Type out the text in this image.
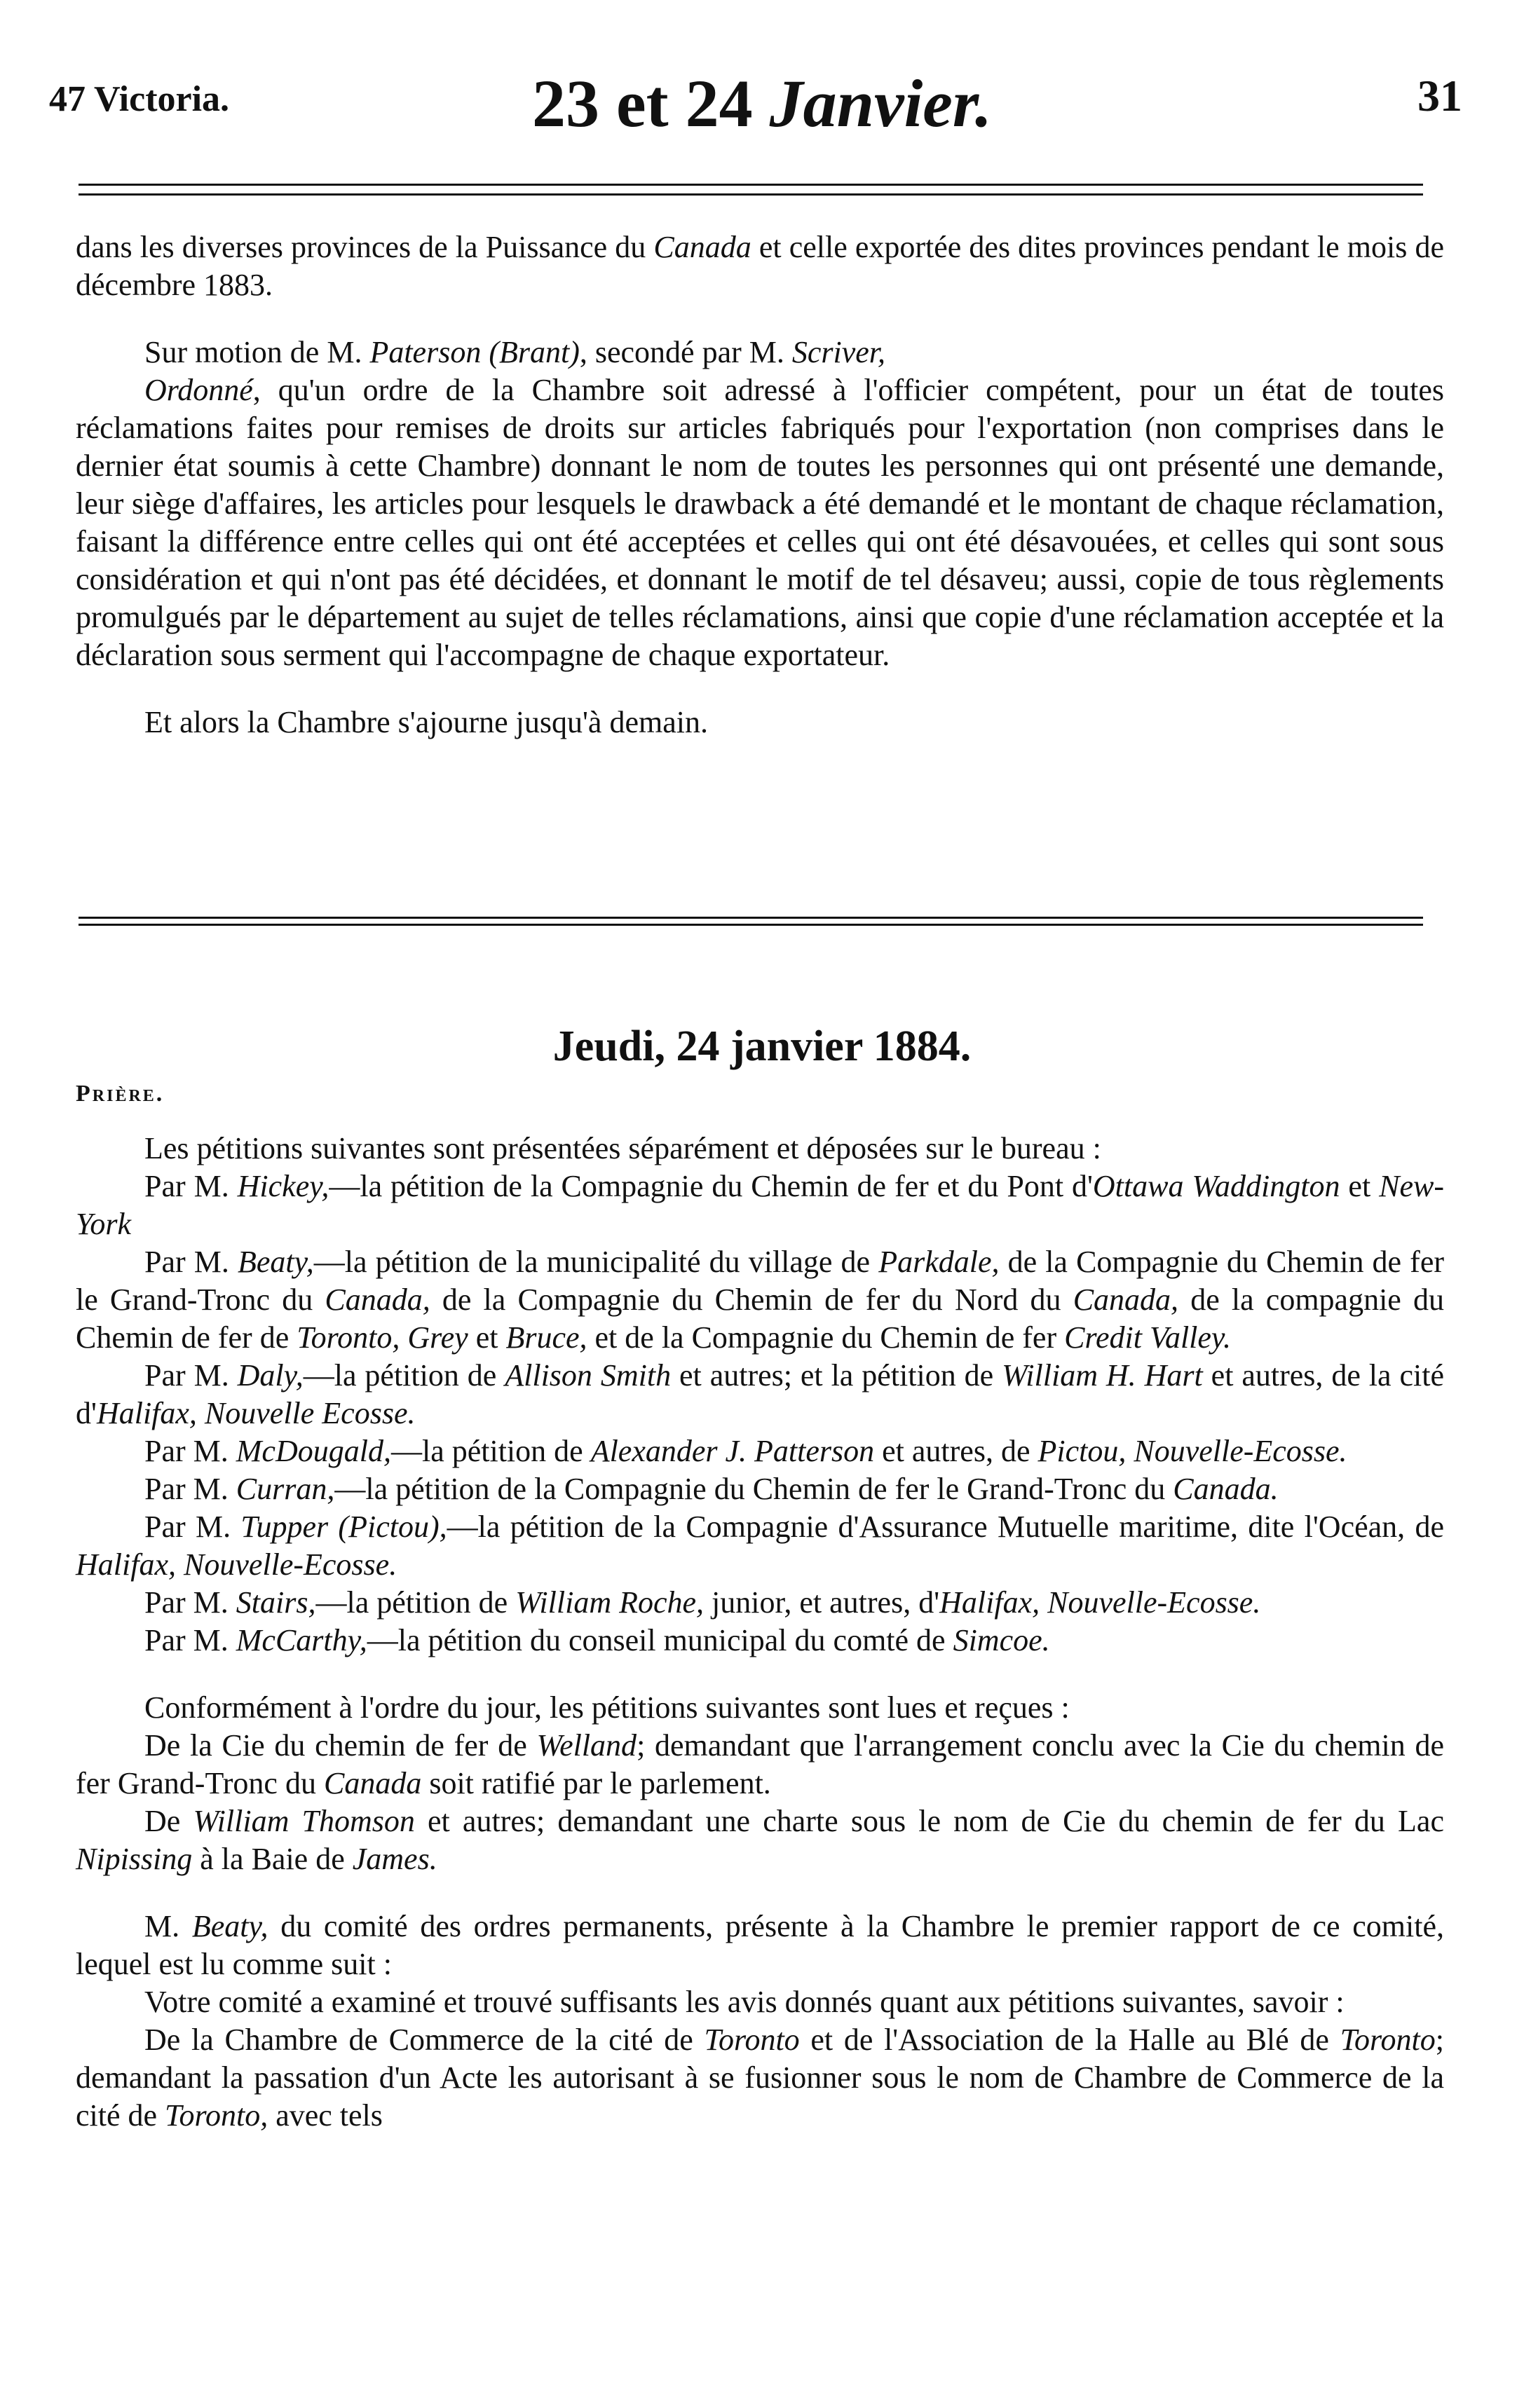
47 Victoria.	23 et 24 Janvier.	31

dans les diverses provinces de la Puissance du Canada et celle exportée des dites provinces pendant le mois de décembre 1883.

Sur motion de M. Paterson (Brant), secondé par M. Scriver,

Ordonné, qu'un ordre de la Chambre soit adressé à l'officier compétent, pour un état de toutes réclamations faites pour remises de droits sur articles fabriqués pour l'exportation (non comprises dans le dernier état soumis à cette Chambre) donnant le nom de toutes les personnes qui ont présenté une demande, leur siège d'affaires, les articles pour lesquels le drawback a été demandé et le montant de chaque réclamation, faisant la différence entre celles qui ont été acceptées et celles qui ont été désavouées, et celles qui sont sous considération et qui n'ont pas été décidées, et donnant le motif de tel désaveu; aussi, copie de tous règlements promulgués par le département au sujet de telles réclamations, ainsi que copie d'une réclamation acceptée et la déclaration sous serment qui l'accompagne de chaque exportateur.

Et alors la Chambre s'ajourne jusqu'à demain.

Jeudi, 24 janvier 1884.
Prière.

Les pétitions suivantes sont présentées séparément et déposées sur le bureau :

Par M. Hickey,—la pétition de la Compagnie du Chemin de fer et du Pont d'Ottawa Waddington et New-York

Par M. Beaty,—la pétition de la municipalité du village de Parkdale, de la Compagnie du Chemin de fer le Grand-Tronc du Canada, de la Compagnie du Chemin de fer du Nord du Canada, de la compagnie du Chemin de fer de Toronto, Grey et Bruce, et de la Compagnie du Chemin de fer Credit Valley.

Par M. Daly,—la pétition de Allison Smith et autres; et la pétition de William H. Hart et autres, de la cité d'Halifax, Nouvelle Ecosse.

Par M. McDougald,—la pétition de Alexander J. Patterson et autres, de Pictou, Nouvelle-Ecosse.

Par M. Curran,—la pétition de la Compagnie du Chemin de fer le Grand-Tronc du Canada.

Par M. Tupper (Pictou),—la pétition de la Compagnie d'Assurance Mutuelle maritime, dite l'Océan, de Halifax, Nouvelle-Ecosse.

Par M. Stairs,—la pétition de William Roche, junior, et autres, d'Halifax, Nouvelle-Ecosse.

Par M. McCarthy,—la pétition du conseil municipal du comté de Simcoe.

Conformément à l'ordre du jour, les pétitions suivantes sont lues et reçues :

De la Cie du chemin de fer de Welland; demandant que l'arrangement conclu avec la Cie du chemin de fer Grand-Tronc du Canada soit ratifié par le parlement.

De William Thomson et autres; demandant une charte sous le nom de Cie du chemin de fer du Lac Nipissing à la Baie de James.

M. Beaty, du comité des ordres permanents, présente à la Chambre le premier rapport de ce comité, lequel est lu comme suit :

Votre comité a examiné et trouvé suffisants les avis donnés quant aux pétitions suivantes, savoir :

De la Chambre de Commerce de la cité de Toronto et de l'Association de la Halle au Blé de Toronto; demandant la passation d'un Acte les autorisant à se fusionner sous le nom de Chambre de Commerce de la cité de Toronto, avec tels
